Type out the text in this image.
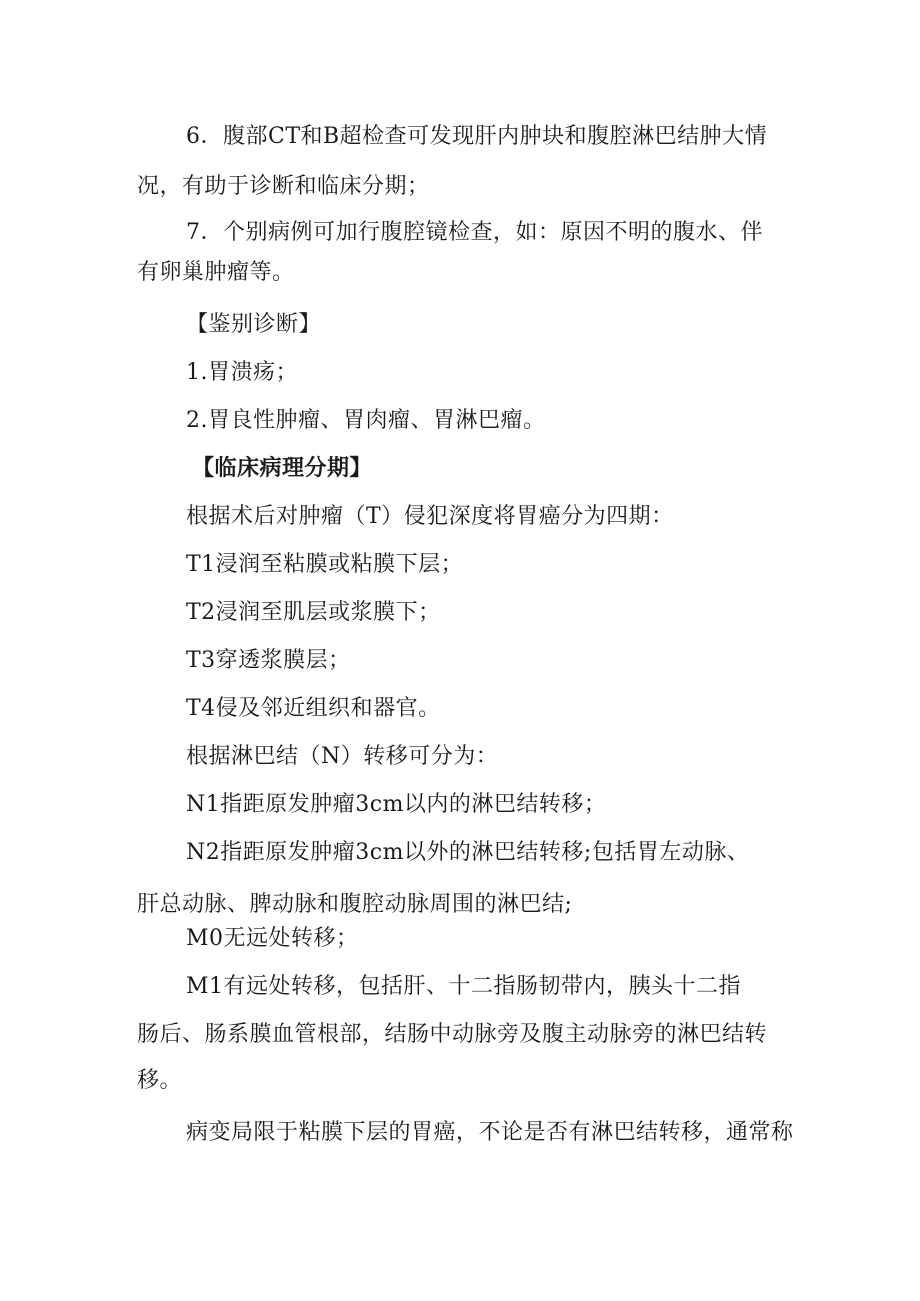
6．腹部CT和B超检查可发现肝内肿块和腹腔淋巴结肿大情

况，有助于诊断和临床分期；

7．个别病例可加行腹腔镜检查，如：原因不明的腹水、伴

有卵巢肿瘤等。

【鉴别诊断】

1.胃溃疡；

2.胃良性肿瘤、胃肉瘤、胃淋巴瘤。

【临床病理分期】

根据术后对肿瘤（T）侵犯深度将胃癌分为四期：

T1浸润至粘膜或粘膜下层；

T2浸润至肌层或浆膜下；

T3穿透浆膜层；

T4侵及邻近组织和器官。

根据淋巴结（N）转移可分为：

N1指距原发肿瘤3cm以内的淋巴结转移；

N2指距原发肿瘤3cm以外的淋巴结转移;包括胃左动脉、

肝总动脉、脾动脉和腹腔动脉周围的淋巴结;

M0无远处转移；

M1有远处转移，包括肝、十二指肠韧带内，胰头十二指

肠后、肠系膜血管根部，结肠中动脉旁及腹主动脉旁的淋巴结转

移。

病变局限于粘膜下层的胃癌，不论是否有淋巴结转移，通常称
